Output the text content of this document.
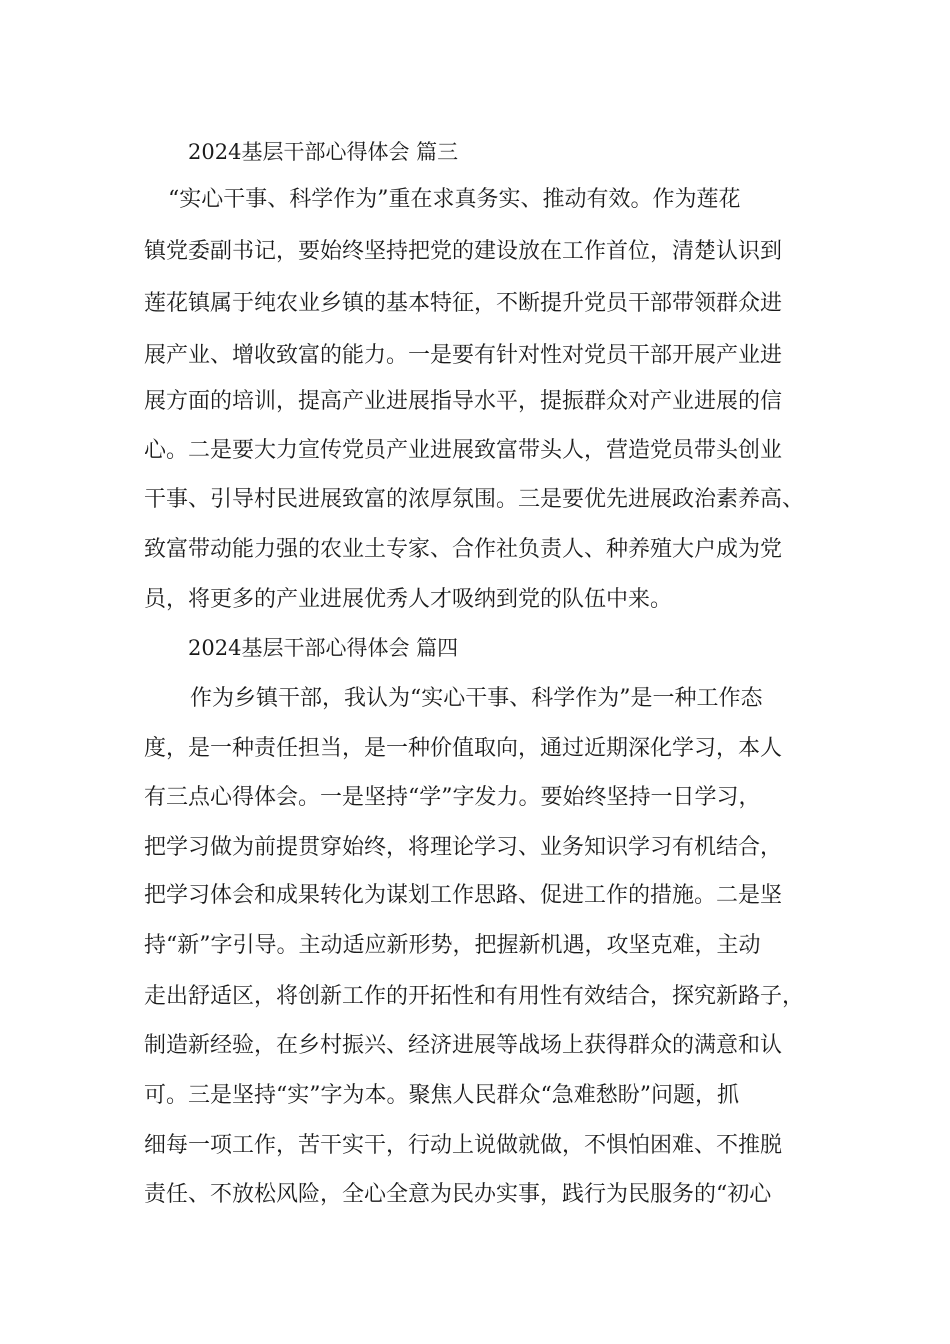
2024基层干部心得体会 篇三
“实心干事、科学作为”重在求真务实、推动有效。作为莲花
镇党委副书记，要始终坚持把党的建设放在工作首位，清楚认识到
莲花镇属于纯农业乡镇的基本特征，不断提升党员干部带领群众进
展产业、增收致富的能力。一是要有针对性对党员干部开展产业进
展方面的培训，提高产业进展指导水平，提振群众对产业进展的信
心。二是要大力宣传党员产业进展致富带头人，营造党员带头创业
干事、引导村民进展致富的浓厚氛围。三是要优先进展政治素养高、
致富带动能力强的农业土专家、合作社负责人、种养殖大户成为党
员，将更多的产业进展优秀人才吸纳到党的队伍中来。
2024基层干部心得体会 篇四
作为乡镇干部，我认为“实心干事、科学作为”是一种工作态
度，是一种责任担当，是一种价值取向，通过近期深化学习，本人
有三点心得体会。一是坚持“学”字发力。要始终坚持一日学习，
把学习做为前提贯穿始终，将理论学习、业务知识学习有机结合，
把学习体会和成果转化为谋划工作思路、促进工作的措施。二是坚
持“新”字引导。主动适应新形势，把握新机遇，攻坚克难，主动
走出舒适区，将创新工作的开拓性和有用性有效结合，探究新路子，
制造新经验，在乡村振兴、经济进展等战场上获得群众的满意和认
可。三是坚持“实”字为本。聚焦人民群众“急难愁盼”问题，抓
细每一项工作，苦干实干，行动上说做就做，不惧怕困难、不推脱
责任、不放松风险，全心全意为民办实事，践行为民服务的“初心
